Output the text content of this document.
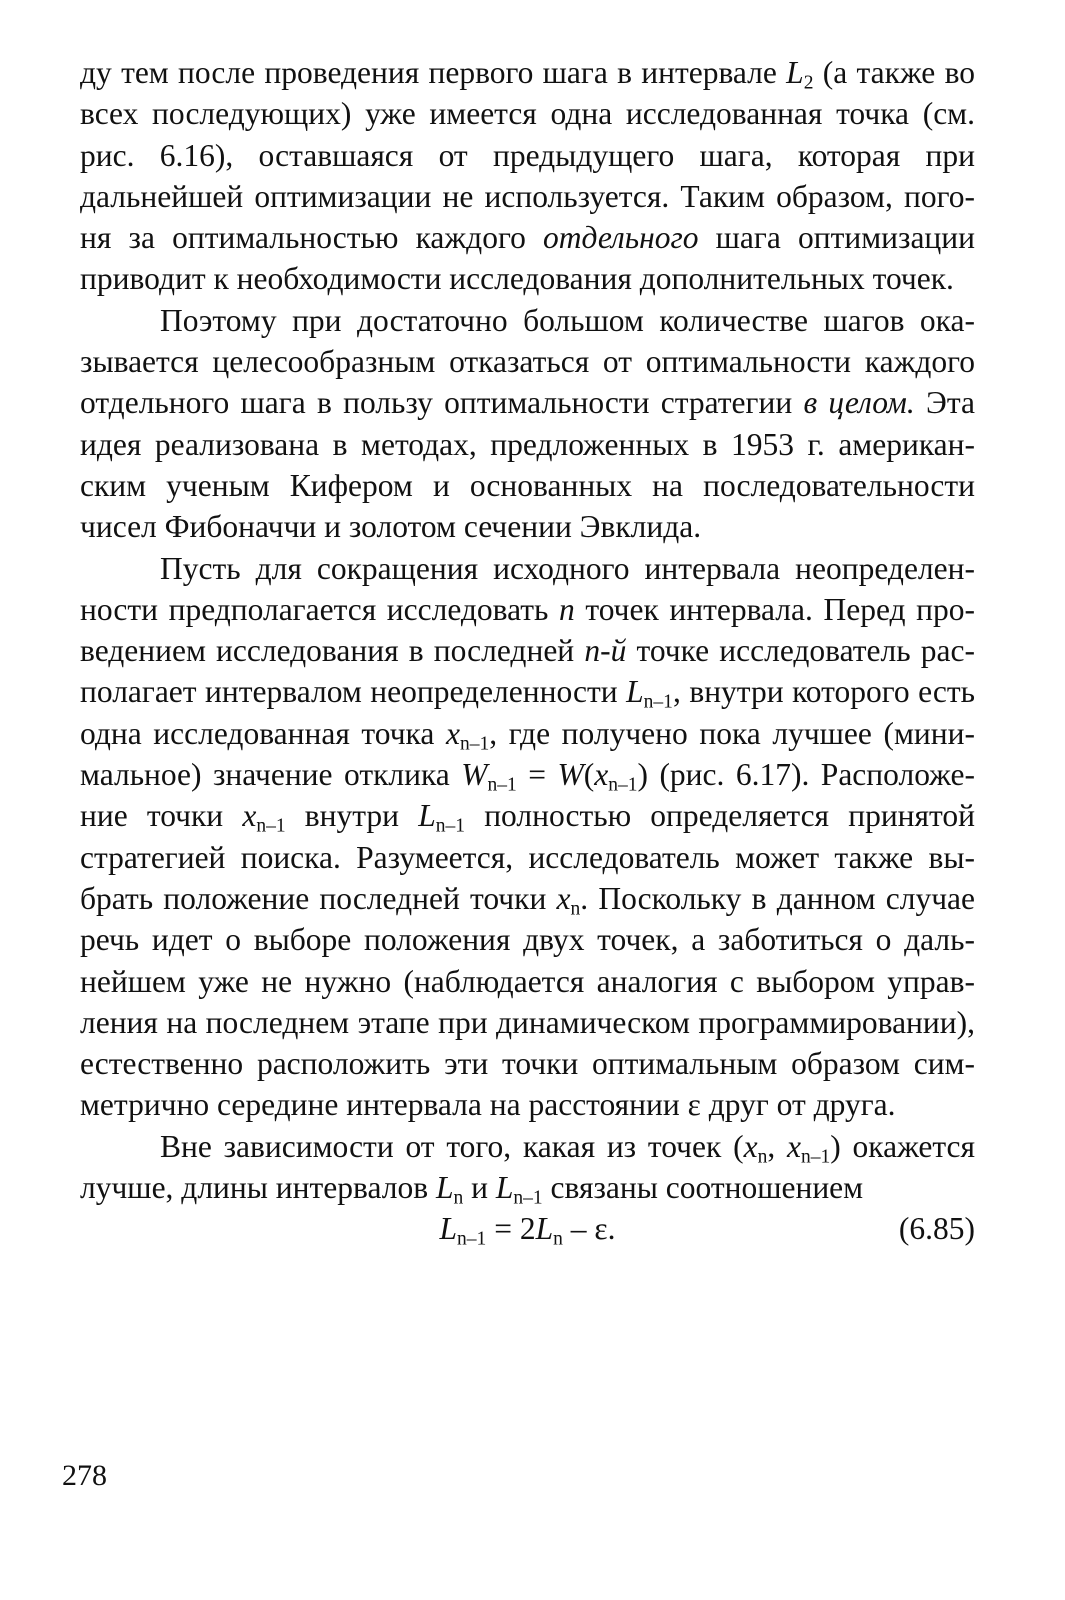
ду тем после проведения первого шага в интервале $L_2$ (а также во всех последующих) уже имеется одна исследованная точка (см. рис. 6.16), оставшаяся от предыдущего шага, которая при дальнейшей оптимизации не используется. Таким образом, погоня за оптимальностью каждого отдельного шага оптимизации приводит к необходимости исследования дополнительных точек.

Поэтому при достаточно большом количестве шагов оказывается целесообразным отказаться от оптимальности каждого отдельного шага в пользу оптимальности стратегии в целом. Эта идея реализована в методах, предложенных в 1953 г. американским ученым Кифером и основанных на последовательности чисел Фибоначчи и золотом сечении Эвклида.

Пусть для сокращения исходного интервала неопределенности предполагается исследовать n точек интервала. Перед проведением исследования в последней n-й точке исследователь располагает интервалом неопределенности $L_{n-1}$, внутри которого есть одна исследованная точка $x_{n-1}$, где получено пока лучшее (минимальное) значение отклика $W_{n-1} = W(x_{n-1})$ (рис. 6.17). Расположение точки $x_{n-1}$ внутри $L_{n-1}$ полностью определяется принятой стратегией поиска. Разумеется, исследователь может также выбрать положение последней точки $x_n$. Поскольку в данном случае речь идет о выборе положения двух точек, а заботиться о дальнейшем уже не нужно (наблюдается аналогия с выбором управления на последнем этапе при динамическом программировании), естественно расположить эти точки оптимальным образом симметрично середине интервала на расстоянии ε друг от друга.

Вне зависимости от того, какая из точек ($x_n$, $x_{n-1}$) окажется лучше, длины интервалов $L_n$ и $L_{n-1}$ связаны соотношением

$L_{n-1} = 2L_n - \varepsilon$.	(6.85)
278
